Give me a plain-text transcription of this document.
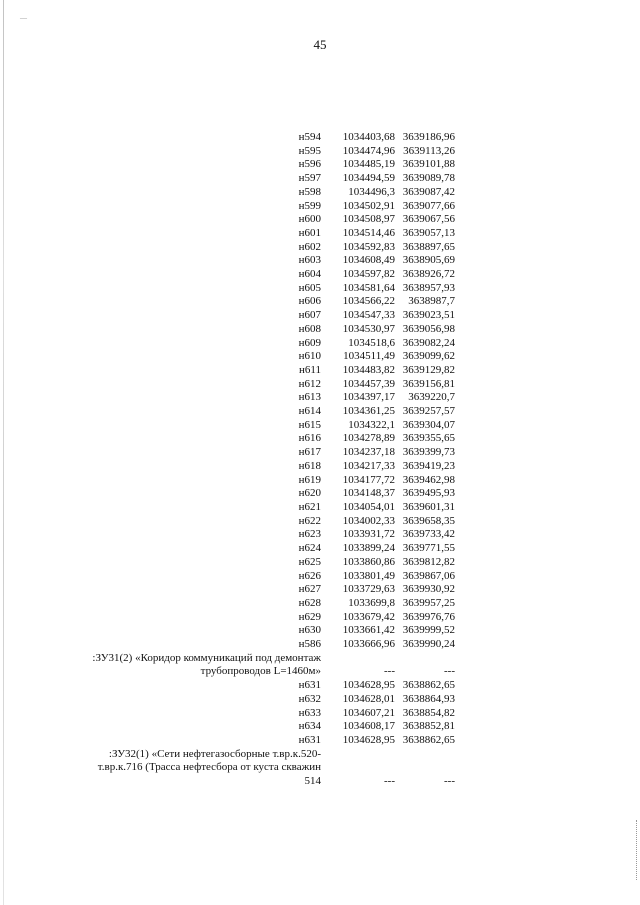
—
45
н594	1034403,68	3639186,96
н595	1034474,96	3639113,26
н596	1034485,19	3639101,88
н597	1034494,59	3639089,78
н598	1034496,3	3639087,42
н599	1034502,91	3639077,66
н600	1034508,97	3639067,56
н601	1034514,46	3639057,13
н602	1034592,83	3638897,65
н603	1034608,49	3638905,69
н604	1034597,82	3638926,72
н605	1034581,64	3638957,93
н606	1034566,22	3638987,7
н607	1034547,33	3639023,51
н608	1034530,97	3639056,98
н609	1034518,6	3639082,24
н610	1034511,49	3639099,62
н611	1034483,82	3639129,82
н612	1034457,39	3639156,81
н613	1034397,17	3639220,7
н614	1034361,25	3639257,57
н615	1034322,1	3639304,07
н616	1034278,89	3639355,65
н617	1034237,18	3639399,73
н618	1034217,33	3639419,23
н619	1034177,72	3639462,98
н620	1034148,37	3639495,93
н621	1034054,01	3639601,31
н622	1034002,33	3639658,35
н623	1033931,72	3639733,42
н624	1033899,24	3639771,55
н625	1033860,86	3639812,82
н626	1033801,49	3639867,06
н627	1033729,63	3639930,92
н628	1033699,8	3639957,25
н629	1033679,42	3639976,76
н630	1033661,42	3639999,52
н586	1033666,96	3639990,24

:ЗУ31(2) «Коридор коммуникаций под демонтаж
трубопроводов L=1460м»	---	---
н631	1034628,95	3638862,65
н632	1034628,01	3638864,93
н633	1034607,21	3638854,82
н634	1034608,17	3638852,81
н631	1034628,95	3638862,65

:ЗУ32(1) «Сети нефтегазосборные т.вр.к.520-
т.вр.к.716 (Трасса нефтесбора от куста скважин 514	---	---
